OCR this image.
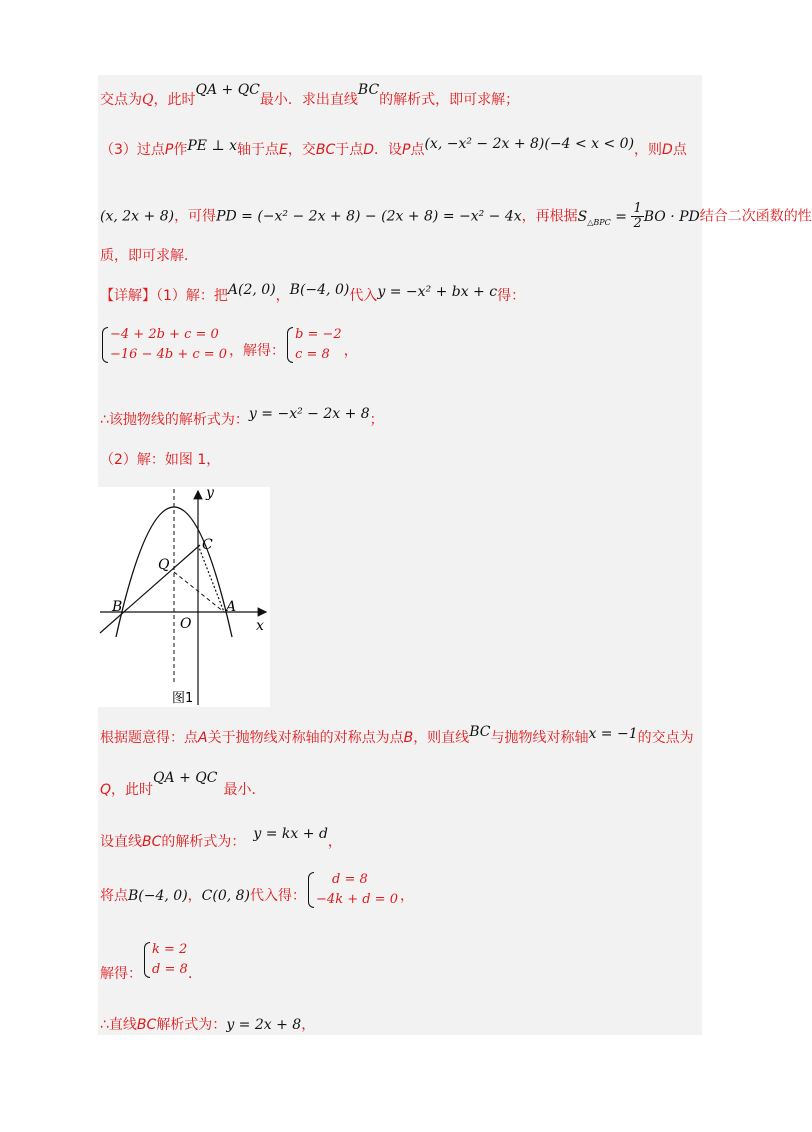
交点为Q，此时QA + QC最小．求出直线BC的解析式，即可求解；
（3）过点P作PE ⊥ x轴于点E，交BC于点D．设P点(x, −x² − 2x + 8)(−4 < x < 0)，则D点
(x, 2x + 8)，可得PD = (−x² − 2x + 8) − (2x + 8) = −x² − 4x，再根据$S_{\triangle BPC} = \frac{1}{2}$ BO · PD结合二次函数的性
质，即可求解．
【详解】（1）解：把A(2, 0)，B(−4, 0)代入y = −x² + bx + c得：
−4 + 2b + c = 0
−16 − 4b + c = 0 ，解得：
b = −2
c = 8 ，
∴该抛物线的解析式为：y = −x² − 2x + 8；
（2）解：如图 1，
y
x
C
Q
B	A
O
图1
根据题意得：点A关于抛物线对称轴的对称点为点B，则直线BC与抛物线对称轴x = −1的交点为
Q，此时QA + QC最小．
设直线BC的解析式为： y = kx + d，
将点B(−4, 0)，C(0, 8)代入得：
d = 8
−4k + d = 0 ，
k = 2
d = 8
解得：	．
∴直线BC解析式为：y = 2x + 8，
